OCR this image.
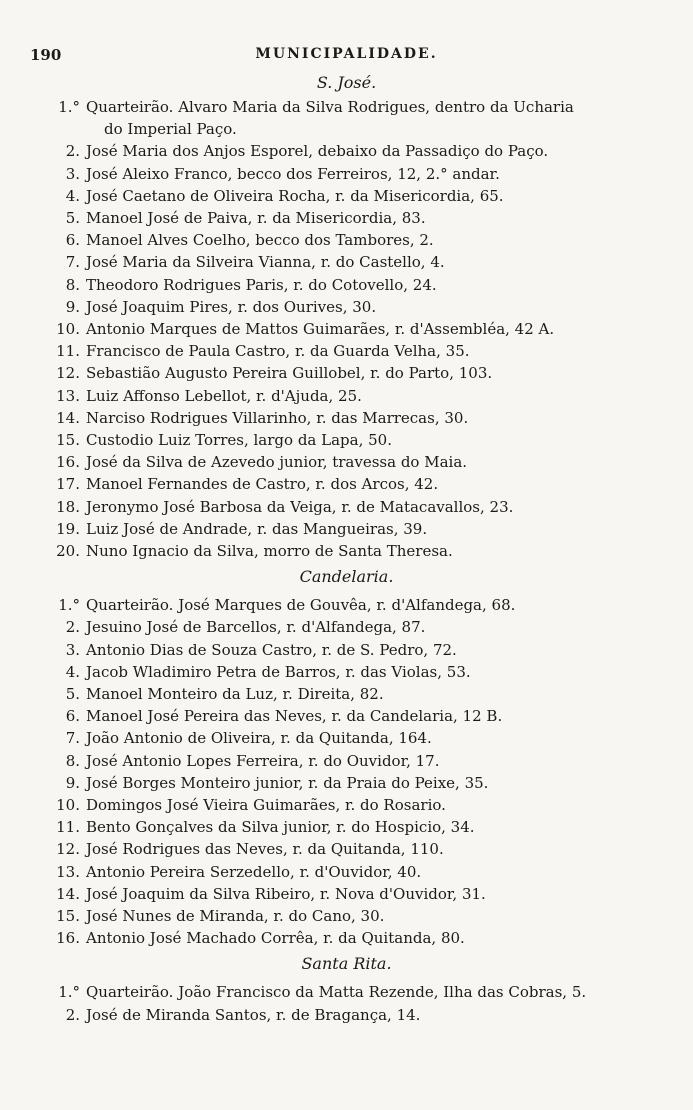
190	MUNICIPALIDADE.
S. José.
1.° Quarteirão. Alvaro Maria da Silva Rodrigues, dentro da Ucharia
do Imperial Paço.
2. José Maria dos Anjos Esporel, debaixo da Passadiço do Paço.
3. José Aleixo Franco, becco dos Ferreiros, 12, 2.° andar.
4. José Caetano de Oliveira Rocha, r. da Misericordia, 65.
5. Manoel José de Paiva, r. da Misericordia, 83.
6. Manoel Alves Coelho, becco dos Tambores, 2.
7. José Maria da Silveira Vianna, r. do Castello, 4.
8. Theodoro Rodrigues Paris, r. do Cotovello, 24.
9. José Joaquim Pires, r. dos Ourives, 30.
10. Antonio Marques de Mattos Guimarães, r. d'Assembléa, 42 A.
11. Francisco de Paula Castro, r. da Guarda Velha, 35.
12. Sebastião Augusto Pereira Guillobel, r. do Parto, 103.
13. Luiz Affonso Lebellot, r. d'Ajuda, 25.
14. Narciso Rodrigues Villarinho, r. das Marrecas, 30.
15. Custodio Luiz Torres, largo da Lapa, 50.
16. José da Silva de Azevedo junior, travessa do Maia.
17. Manoel Fernandes de Castro, r. dos Arcos, 42.
18. Jeronymo José Barbosa da Veiga, r. de Matacavallos, 23.
19. Luiz José de Andrade, r. das Mangueiras, 39.
20. Nuno Ignacio da Silva, morro de Santa Theresa.
Candelaria.
1.° Quarteirão. José Marques de Gouvêa, r. d'Alfandega, 68.
2. Jesuino José de Barcellos, r. d'Alfandega, 87.
3. Antonio Dias de Souza Castro, r. de S. Pedro, 72.
4. Jacob Wladimiro Petra de Barros, r. das Violas, 53.
5. Manoel Monteiro da Luz, r. Direita, 82.
6. Manoel José Pereira das Neves, r. da Candelaria, 12 B.
7. João Antonio de Oliveira, r. da Quitanda, 164.
8. José Antonio Lopes Ferreira, r. do Ouvidor, 17.
9. José Borges Monteiro junior, r. da Praia do Peixe, 35.
10. Domingos José Vieira Guimarães, r. do Rosario.
11. Bento Gonçalves da Silva junior, r. do Hospicio, 34.
12. José Rodrigues das Neves, r. da Quitanda, 110.
13. Antonio Pereira Serzedello, r. d'Ouvidor, 40.
14. José Joaquim da Silva Ribeiro, r. Nova d'Ouvidor, 31.
15. José Nunes de Miranda, r. do Cano, 30.
16. Antonio José Machado Corrêa, r. da Quitanda, 80.
Santa Rita.
1.° Quarteirão. João Francisco da Matta Rezende, Ilha das Cobras, 5.
2. José de Miranda Santos, r. de Bragança, 14.
